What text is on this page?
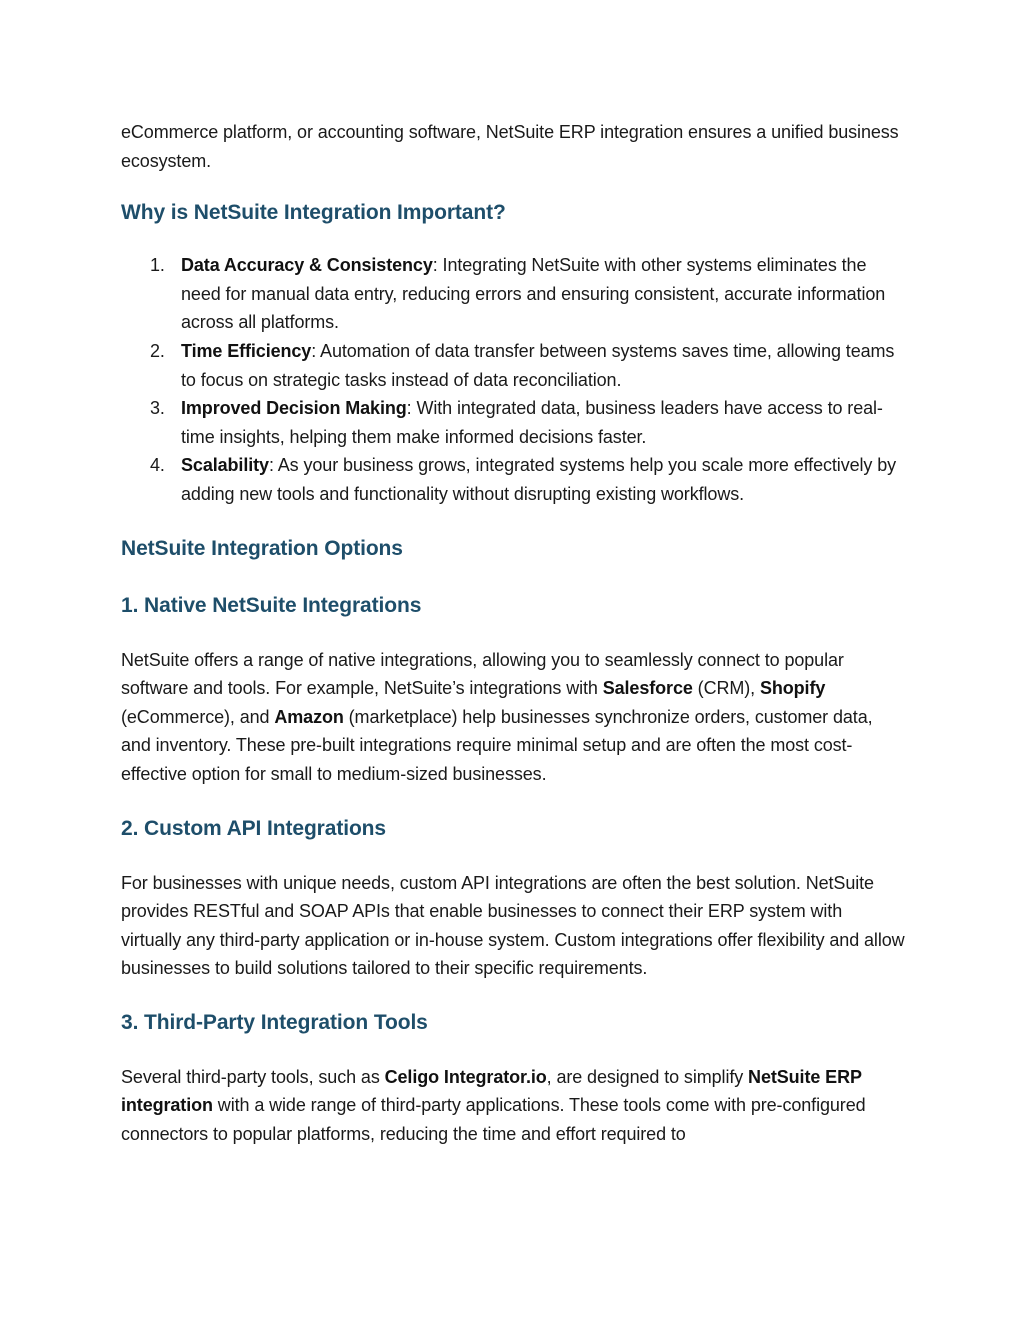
eCommerce platform, or accounting software, NetSuite ERP integration ensures a unified business ecosystem.

Why is NetSuite Integration Important?
1. Data Accuracy & Consistency: Integrating NetSuite with other systems eliminates the need for manual data entry, reducing errors and ensuring consistent, accurate information across all platforms.
2. Time Efficiency: Automation of data transfer between systems saves time, allowing teams to focus on strategic tasks instead of data reconciliation.
3. Improved Decision Making: With integrated data, business leaders have access to real-time insights, helping them make informed decisions faster.
4. Scalability: As your business grows, integrated systems help you scale more effectively by adding new tools and functionality without disrupting existing workflows.
NetSuite Integration Options
1. Native NetSuite Integrations

NetSuite offers a range of native integrations, allowing you to seamlessly connect to popular software and tools. For example, NetSuite’s integrations with Salesforce (CRM), Shopify (eCommerce), and Amazon (marketplace) help businesses synchronize orders, customer data, and inventory. These pre-built integrations require minimal setup and are often the most cost-effective option for small to medium-sized businesses.

2. Custom API Integrations

For businesses with unique needs, custom API integrations are often the best solution. NetSuite provides RESTful and SOAP APIs that enable businesses to connect their ERP system with virtually any third-party application or in-house system. Custom integrations offer flexibility and allow businesses to build solutions tailored to their specific requirements.

3. Third-Party Integration Tools

Several third-party tools, such as Celigo Integrator.io, are designed to simplify NetSuite ERP integration with a wide range of third-party applications. These tools come with pre-configured connectors to popular platforms, reducing the time and effort required to
